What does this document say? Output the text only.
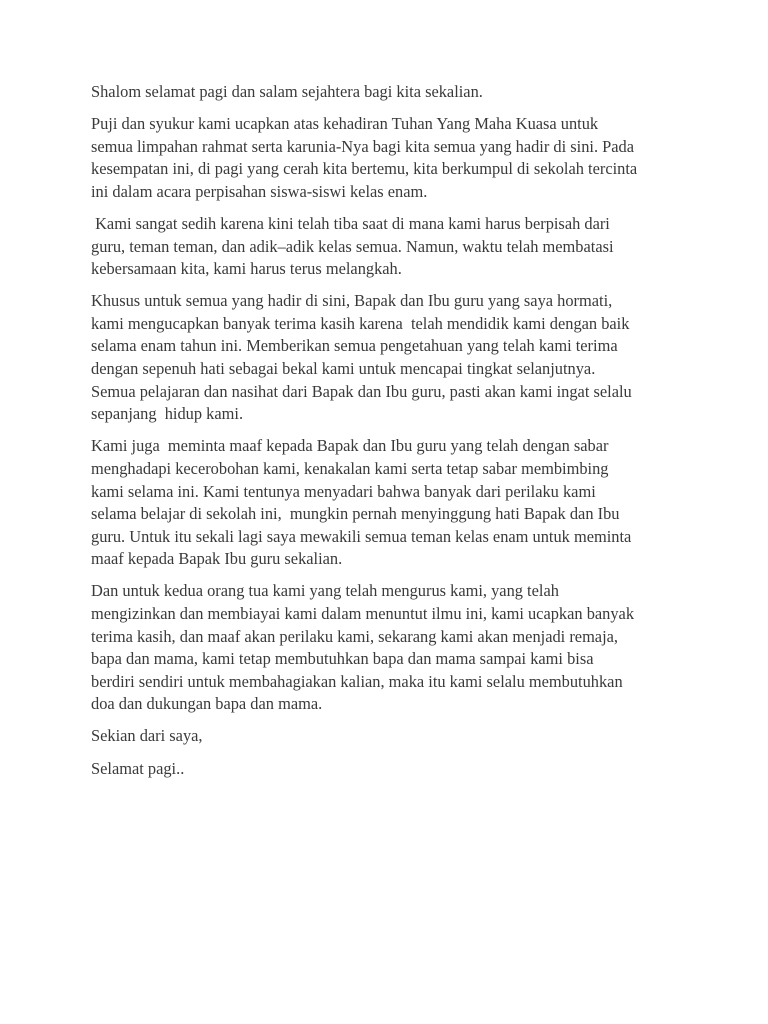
Shalom selamat pagi dan salam sejahtera bagi kita sekalian.

Puji dan syukur kami ucapkan atas kehadiran Tuhan Yang Maha Kuasa untuk
semua limpahan rahmat serta karunia-Nya bagi kita semua yang hadir di sini. Pada
kesempatan ini, di pagi yang cerah kita bertemu, kita berkumpul di sekolah tercinta
ini dalam acara perpisahan siswa-siswi kelas enam.

Kami sangat sedih karena kini telah tiba saat di mana kami harus berpisah dari
guru, teman teman, dan adik–adik kelas semua. Namun, waktu telah membatasi
kebersamaan kita, kami harus terus melangkah.

Khusus untuk semua yang hadir di sini, Bapak dan Ibu guru yang saya hormati,
kami mengucapkan banyak terima kasih karena  telah mendidik kami dengan baik
selama enam tahun ini. Memberikan semua pengetahuan yang telah kami terima
dengan sepenuh hati sebagai bekal kami untuk mencapai tingkat selanjutnya.
Semua pelajaran dan nasihat dari Bapak dan Ibu guru, pasti akan kami ingat selalu
sepanjang  hidup kami.

Kami juga  meminta maaf kepada Bapak dan Ibu guru yang telah dengan sabar
menghadapi kecerobohan kami, kenakalan kami serta tetap sabar membimbing
kami selama ini. Kami tentunya menyadari bahwa banyak dari perilaku kami
selama belajar di sekolah ini,  mungkin pernah menyinggung hati Bapak dan Ibu
guru. Untuk itu sekali lagi saya mewakili semua teman kelas enam untuk meminta
maaf kepada Bapak Ibu guru sekalian.

Dan untuk kedua orang tua kami yang telah mengurus kami, yang telah
mengizinkan dan membiayai kami dalam menuntut ilmu ini, kami ucapkan banyak
terima kasih, dan maaf akan perilaku kami, sekarang kami akan menjadi remaja,
bapa dan mama, kami tetap membutuhkan bapa dan mama sampai kami bisa
berdiri sendiri untuk membahagiakan kalian, maka itu kami selalu membutuhkan
doa dan dukungan bapa dan mama.

Sekian dari saya,

Selamat pagi..
